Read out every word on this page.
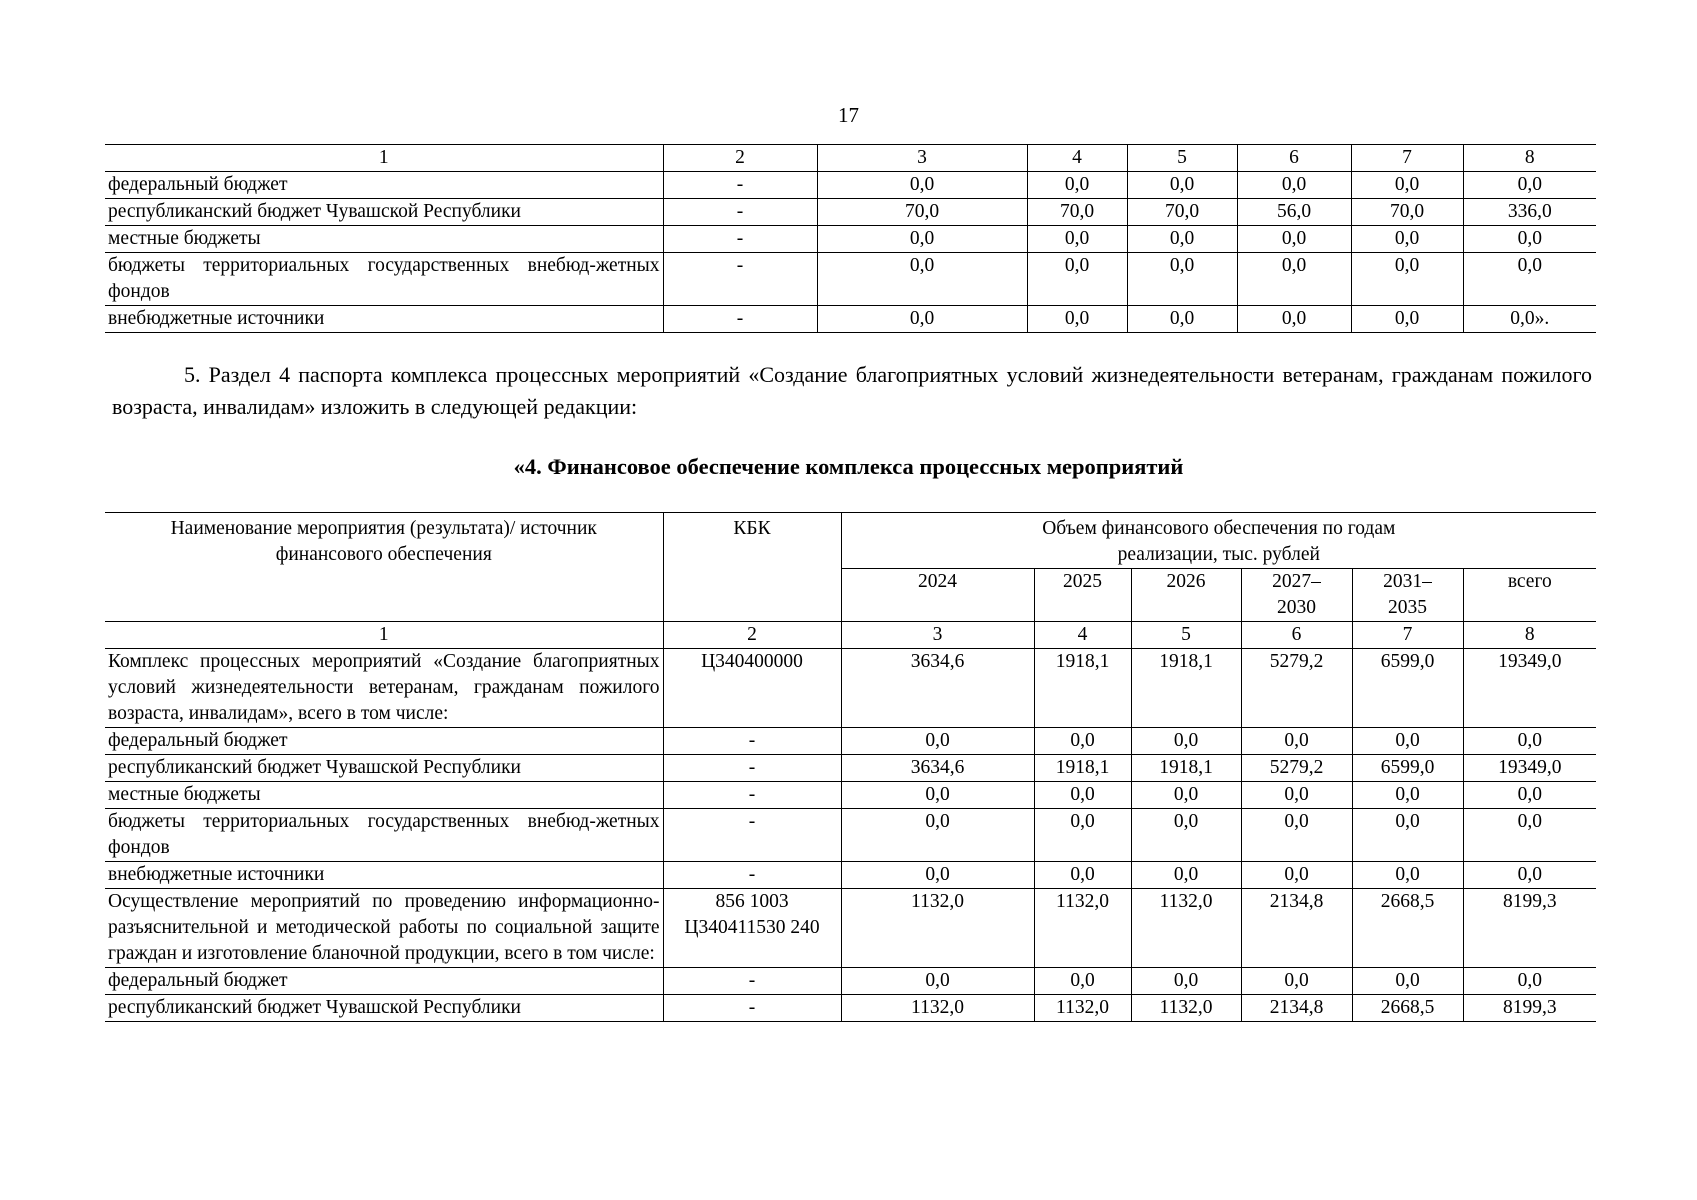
17
1	2	3	4	5	6	7	8
федеральный бюджет	-	0,0	0,0	0,0	0,0	0,0	0,0
республиканский бюджет Чувашской Республики	-	70,0	70,0	70,0	56,0	70,0	336,0
местные бюджеты	-	0,0	0,0	0,0	0,0	0,0	0,0
бюджеты территориальных государственных внебюд-жетных фондов	-	0,0	0,0	0,0	0,0	0,0	0,0
внебюджетные источники	-	0,0	0,0	0,0	0,0	0,0	0,0».
5. Раздел 4 паспорта комплекса процессных мероприятий «Создание благоприятных условий жизнедеятельности ветеранам, гражданам пожилого возраста, инвалидам» изложить в следующей редакции:
«4. Финансовое обеспечение комплекса процессных мероприятий
Наименование мероприятия (результата)/ источник финансового обеспечения	КБК	Объем финансового обеспечения по годам реализации, тыс. рублей					
		2024	2025	2026	2027–2030	2031–2035	всего
1	2	3	4	5	6	7	8
Комплекс процессных мероприятий «Создание благоприятных условий жизнедеятельности ветеранам, гражданам пожилого возраста, инвалидам», всего в том числе:	Ц340400000	3634,6	1918,1	1918,1	5279,2	6599,0	19349,0
федеральный бюджет	-	0,0	0,0	0,0	0,0	0,0	0,0
республиканский бюджет Чувашской Республики	-	3634,6	1918,1	1918,1	5279,2	6599,0	19349,0
местные бюджеты	-	0,0	0,0	0,0	0,0	0,0	0,0
бюджеты территориальных государственных внебюд-жетных фондов	-	0,0	0,0	0,0	0,0	0,0	0,0
внебюджетные источники	-	0,0	0,0	0,0	0,0	0,0	0,0
Осуществление мероприятий по проведению информационно-разъяснительной и методической работы по социальной защите граждан и изготовление бланочной продукции, всего в том числе:	856 1003 Ц340411530 240	1132,0	1132,0	1132,0	2134,8	2668,5	8199,3
федеральный бюджет	-	0,0	0,0	0,0	0,0	0,0	0,0
республиканский бюджет Чувашской Республики	-	1132,0	1132,0	1132,0	2134,8	2668,5	8199,3
